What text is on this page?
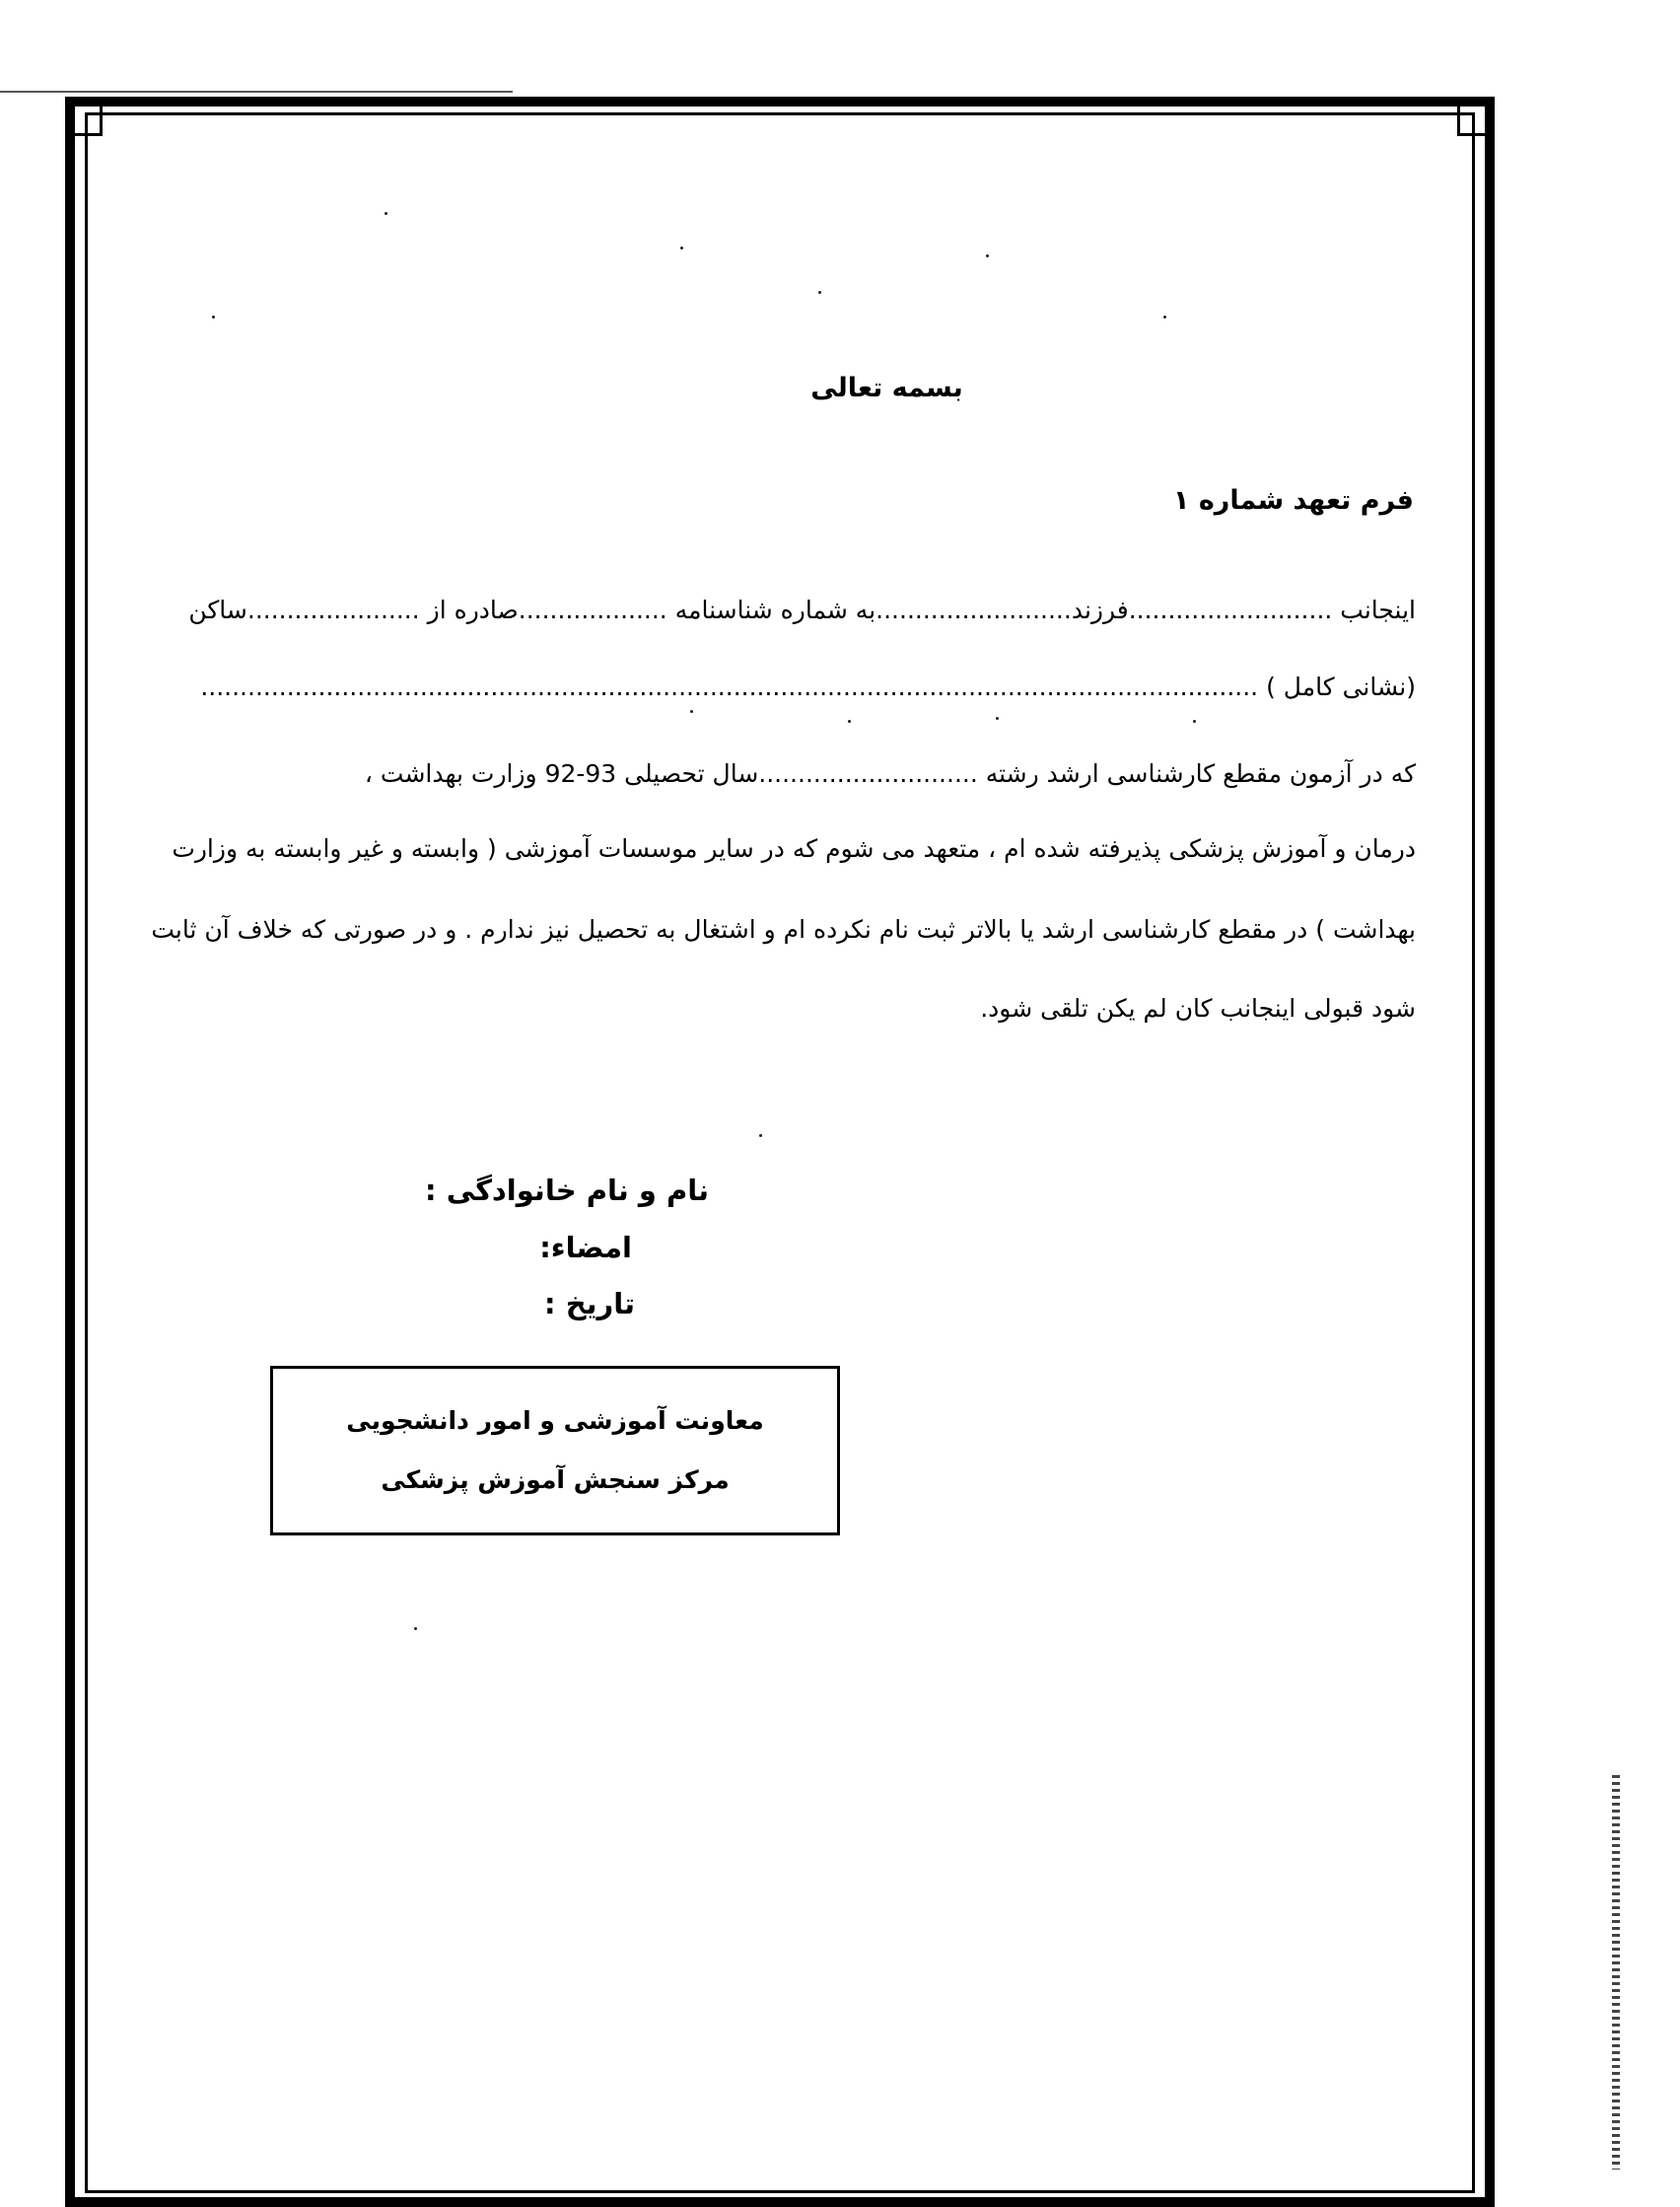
بسمه تعالی
فرم تعهد شماره ۱
اینجانب ..........................فرزند.........................به شماره شناسنامه ...................صادره از ......................ساکن
(نشانی کامل ) .......................................................................................................................................
که در آزمون مقطع کارشناسی ارشد رشته ............................سال تحصیلی 93-92 وزارت بهداشت ،
درمان و آموزش پزشکی پذیرفته شده ام ، متعهد می شوم که در سایر موسسات آموزشی ( وابسته و غیر وابسته به وزارت
بهداشت ) در مقطع کارشناسی ارشد یا بالاتر ثبت نام نکرده ام و اشتغال به تحصیل نیز ندارم . و در صورتی که خلاف آن ثابت
شود قبولی اینجانب کان لم یکن تلقی شود.
نام و نام خانوادگی :
امضاء:
تاریخ :
معاونت آموزشی و امور دانشجویی
مرکز سنجش آموزش پزشکی
